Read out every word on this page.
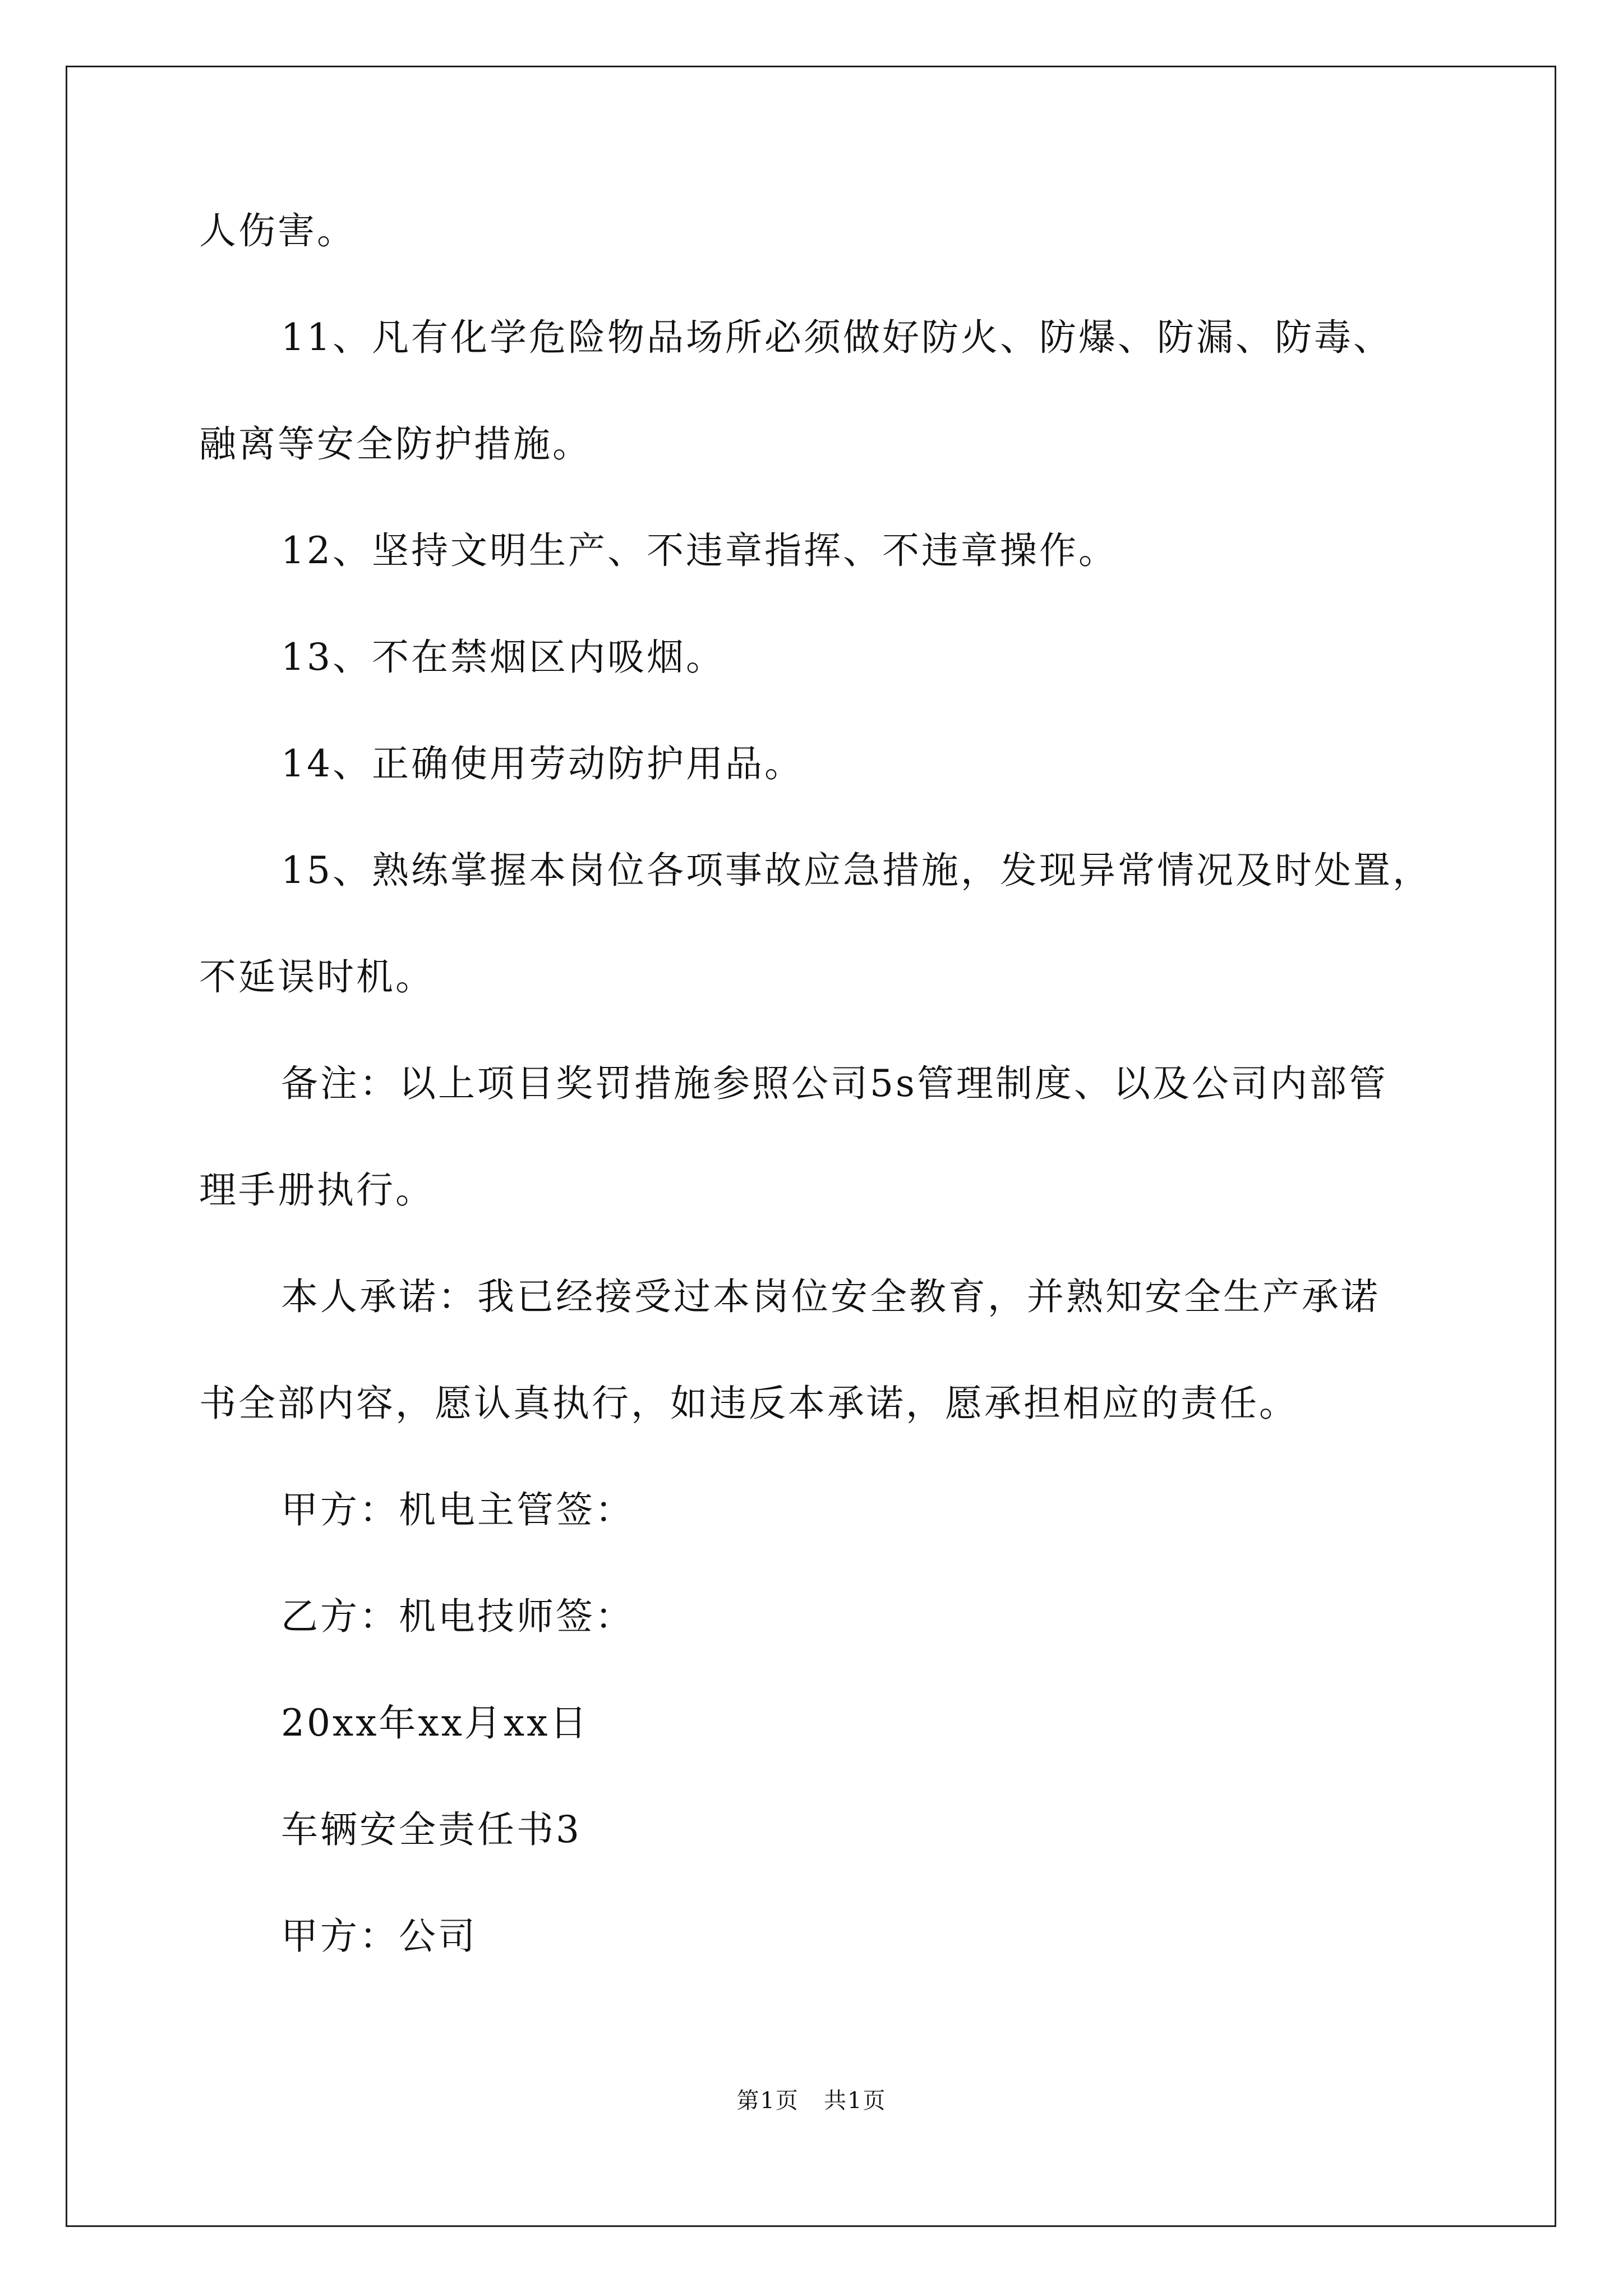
人伤害。
11、凡有化学危险物品场所必须做好防火、防爆、防漏、防毒、
融离等安全防护措施。
12、坚持文明生产、不违章指挥、不违章操作。
13、不在禁烟区内吸烟。
14、正确使用劳动防护用品。
15、熟练掌握本岗位各项事故应急措施，发现异常情况及时处置，
不延误时机。
备注：以上项目奖罚措施参照公司5s管理制度、以及公司内部管
理手册执行。
本人承诺：我已经接受过本岗位安全教育，并熟知安全生产承诺
书全部内容，愿认真执行，如违反本承诺，愿承担相应的责任。
甲方：机电主管签：
乙方：机电技师签：
20xx年xx月xx日
车辆安全责任书3
甲方：公司
第1页   共1页
